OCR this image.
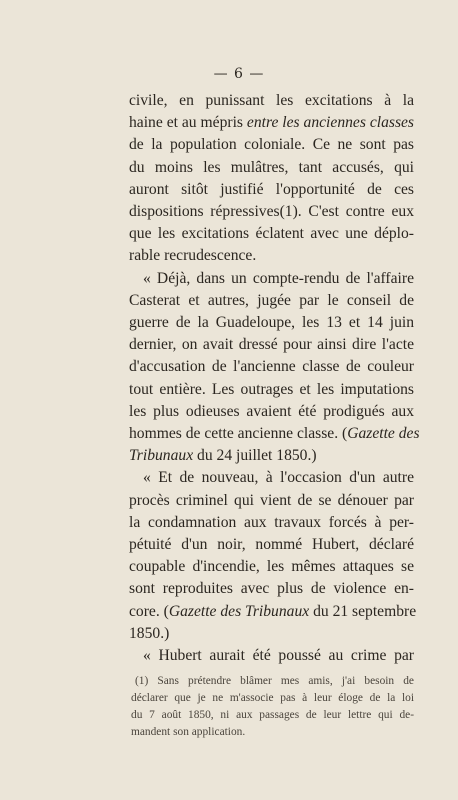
— 6 —
civile, en punissant les excitations à la
haine et au mépris entre les anciennes classes
de la population coloniale. Ce ne sont pas
du moins les mulâtres, tant accusés, qui
auront sitôt justifié l'opportunité de ces
dispositions répressives(1). C'est contre eux
que les excitations éclatent avec une déplo-
rable recrudescence.
« Déjà, dans un compte-rendu de l'affaire
Casterat et autres, jugée par le conseil de
guerre de la Guadeloupe, les 13 et 14 juin
dernier, on avait dressé pour ainsi dire l'acte
d'accusation de l'ancienne classe de couleur
tout entière. Les outrages et les imputations
les plus odieuses avaient été prodigués aux
hommes de cette ancienne classe. (Gazette des
Tribunaux du 24 juillet 1850.)
« Et de nouveau, à l'occasion d'un autre
procès criminel qui vient de se dénouer par
la condamnation aux travaux forcés à per-
pétuité d'un noir, nommé Hubert, déclaré
coupable d'incendie, les mêmes attaques se
sont reproduites avec plus de violence en-
core. (Gazette des Tribunaux du 21 septembre
1850.)
« Hubert aurait été poussé au crime par
(1) Sans prétendre blâmer mes amis, j'ai besoin de
déclarer que je ne m'associe pas à leur éloge de la loi
du 7 août 1850, ni aux passages de leur lettre qui de-
mandent son application.
